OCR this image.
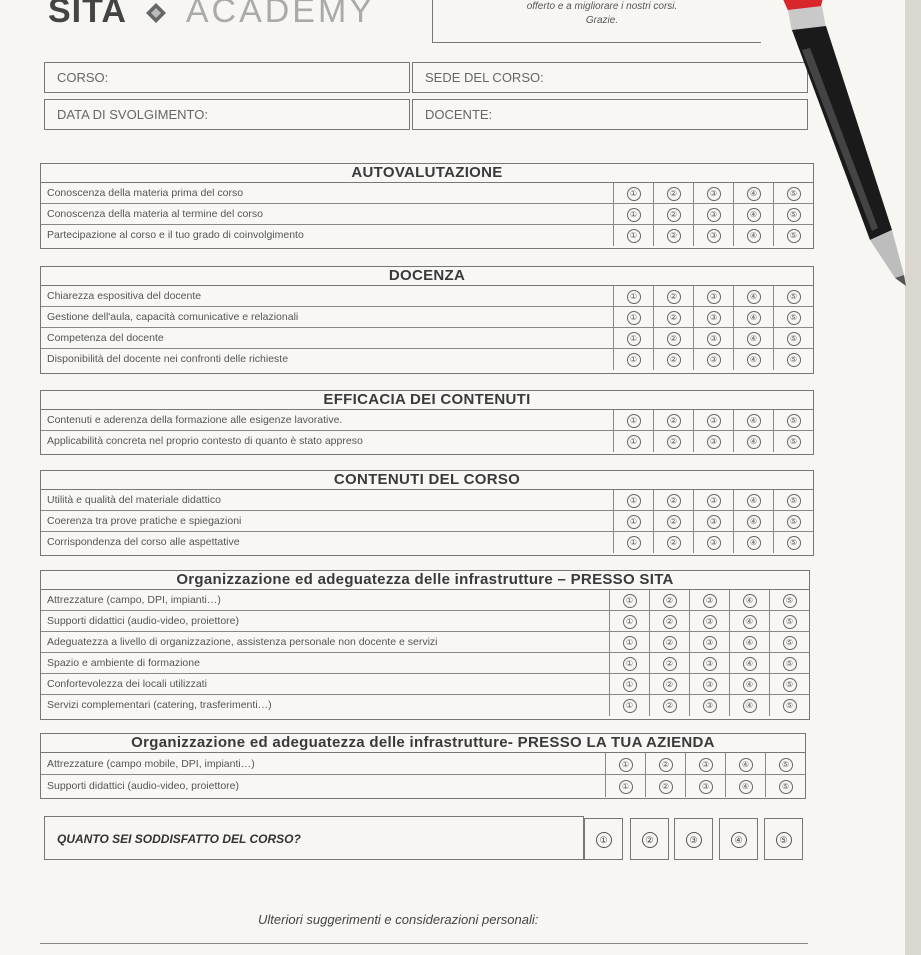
SITA ACADEMY	offerto e a migliorare i nostri corsi.
Grazie.
CORSO:	SEDE DEL CORSO:
DATA DI SVOLGIMENTO:	DOCENTE:
AUTOVALUTAZIONE
Conoscenza della materia prima del corso	①	②	③	④	⑤
Conoscenza della materia al termine del corso	①	②	③	④	⑤
Partecipazione al corso e il tuo grado di coinvolgimento	①	②	③	④	⑤
DOCENZA
Chiarezza espositiva del docente	①	②	③	④	⑤
Gestione dell'aula, capacità comunicative e relazionali	①	②	③	④	⑤
Competenza del docente	①	②	③	④	⑤
Disponibilità del docente nei confronti delle richieste	①	②	③	④	⑤
EFFICACIA DEI CONTENUTI
Contenuti e aderenza della formazione alle esigenze lavorative.	①	②	③	④	⑤
Applicabilità concreta nel proprio contesto di quanto è stato appreso	①	②	③	④	⑤
CONTENUTI DEL CORSO
Utilità e qualità del materiale didattico	①	②	③	④	⑤
Coerenza tra prove pratiche e spiegazioni	①	②	③	④	⑤
Corrispondenza del corso alle aspettative	①	②	③	④	⑤
Organizzazione ed adeguatezza delle infrastrutture – PRESSO SITA
Attrezzature (campo, DPI, impianti…)	①	②	③	④	⑤
Supporti didattici (audio-video, proiettore)	①	②	③	④	⑤
Adeguatezza a livello di organizzazione, assistenza personale non docente e servizi	①	②	③	④	⑤
Spazio e ambiente di formazione	①	②	③	④	⑤
Confortevolezza dei locali utilizzati	①	②	③	④	⑤
Servizi complementari (catering, trasferimenti…)	①	②	③	④	⑤
Organizzazione ed adeguatezza delle infrastrutture- PRESSO LA TUA AZIENDA
Attrezzature (campo mobile, DPI, impianti…)	①	②	③	④	⑤
Supporti didattici (audio-video, proiettore)	①	②	③	④	⑤
QUANTO SEI SODDISFATTO DEL CORSO?	①	②	③	④	⑤
Ulteriori suggerimenti e considerazioni personali:
